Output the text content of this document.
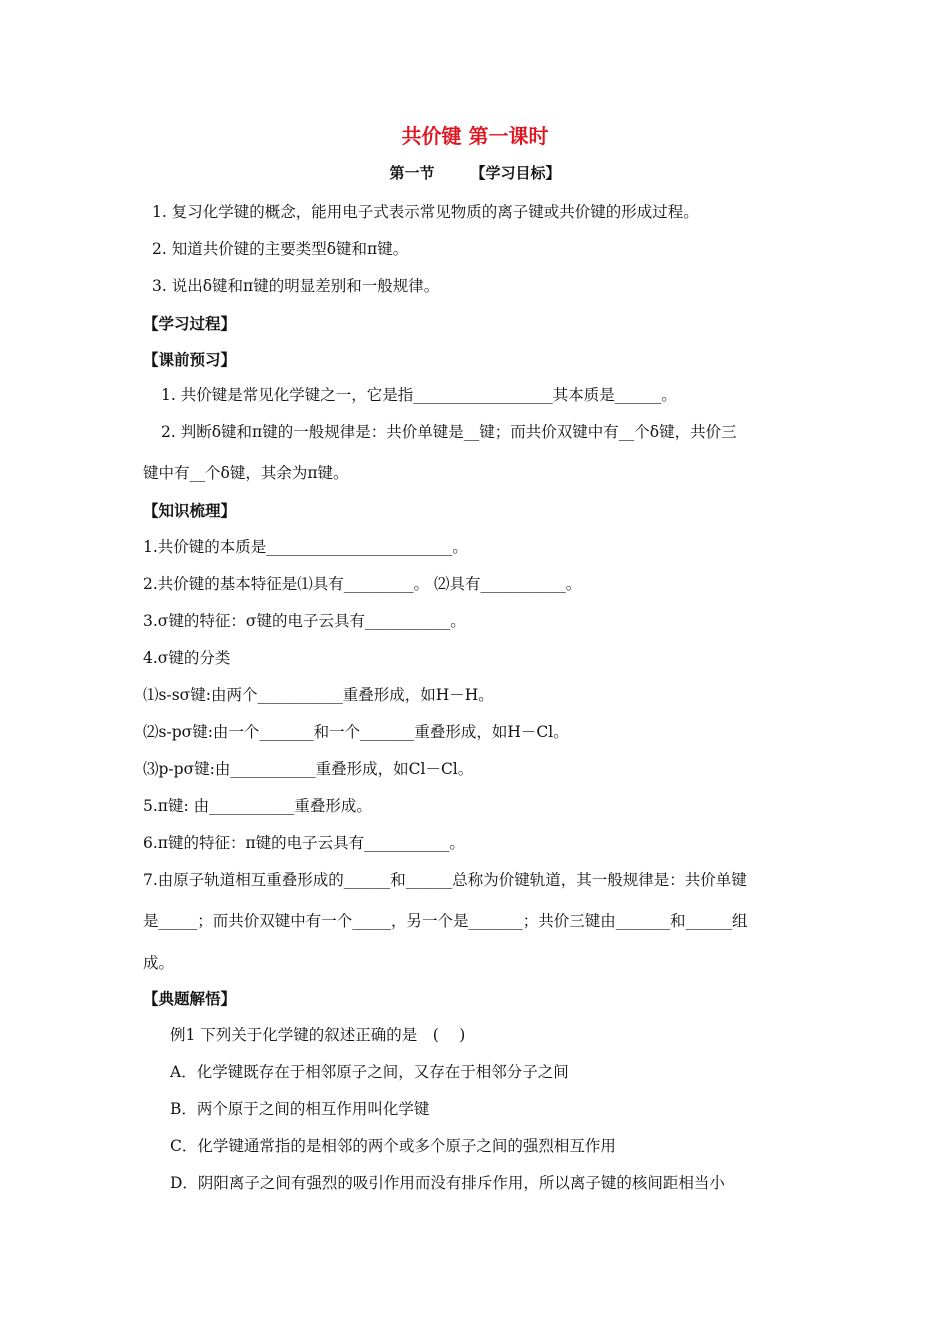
共价键 第一课时
第一节 【学习目标】
1. 复习化学键的概念，能用电子式表示常见物质的离子键或共价键的形成过程。
2. 知道共价键的主要类型δ键和π键。
3. 说出δ键和π键的明显差别和一般规律。
【学习过程】
【课前预习】
1. 共价键是常见化学键之一，它是指__________________其本质是______。
2. 判断δ键和π键的一般规律是：共价单键是__键；而共价双键中有__个δ键，共价三
键中有__个δ键，其余为π键。
【知识梳理】
1.共价键的本质是________________________。
2.共价键的基本特征是⑴具有_________。 ⑵具有___________。
3.σ键的特征：σ键的电子云具有___________。
4.σ键的分类
⑴s-sσ键:由两个___________重叠形成，如H－H。
⑵s-pσ键:由一个_______和一个_______重叠形成，如H－Cl。
⑶p-pσ键:由___________重叠形成，如Cl－Cl。
5.π键: 由___________重叠形成。
6.π键的特征：π键的电子云具有___________。
7.由原子轨道相互重叠形成的______和______总称为价键轨道，其一般规律是：共价单键
是_____；而共价双键中有一个_____，另一个是_______；共价三键由_______和______组
成。
【典题解悟】
例1 下列关于化学键的叙述正确的是　( 　)
A．化学键既存在于相邻原子之间，又存在于相邻分子之间
B．两个原于之间的相互作用叫化学键
C．化学键通常指的是相邻的两个或多个原子之间的强烈相互作用
D．阴阳离子之间有强烈的吸引作用而没有排斥作用，所以离子键的核间距相当小
